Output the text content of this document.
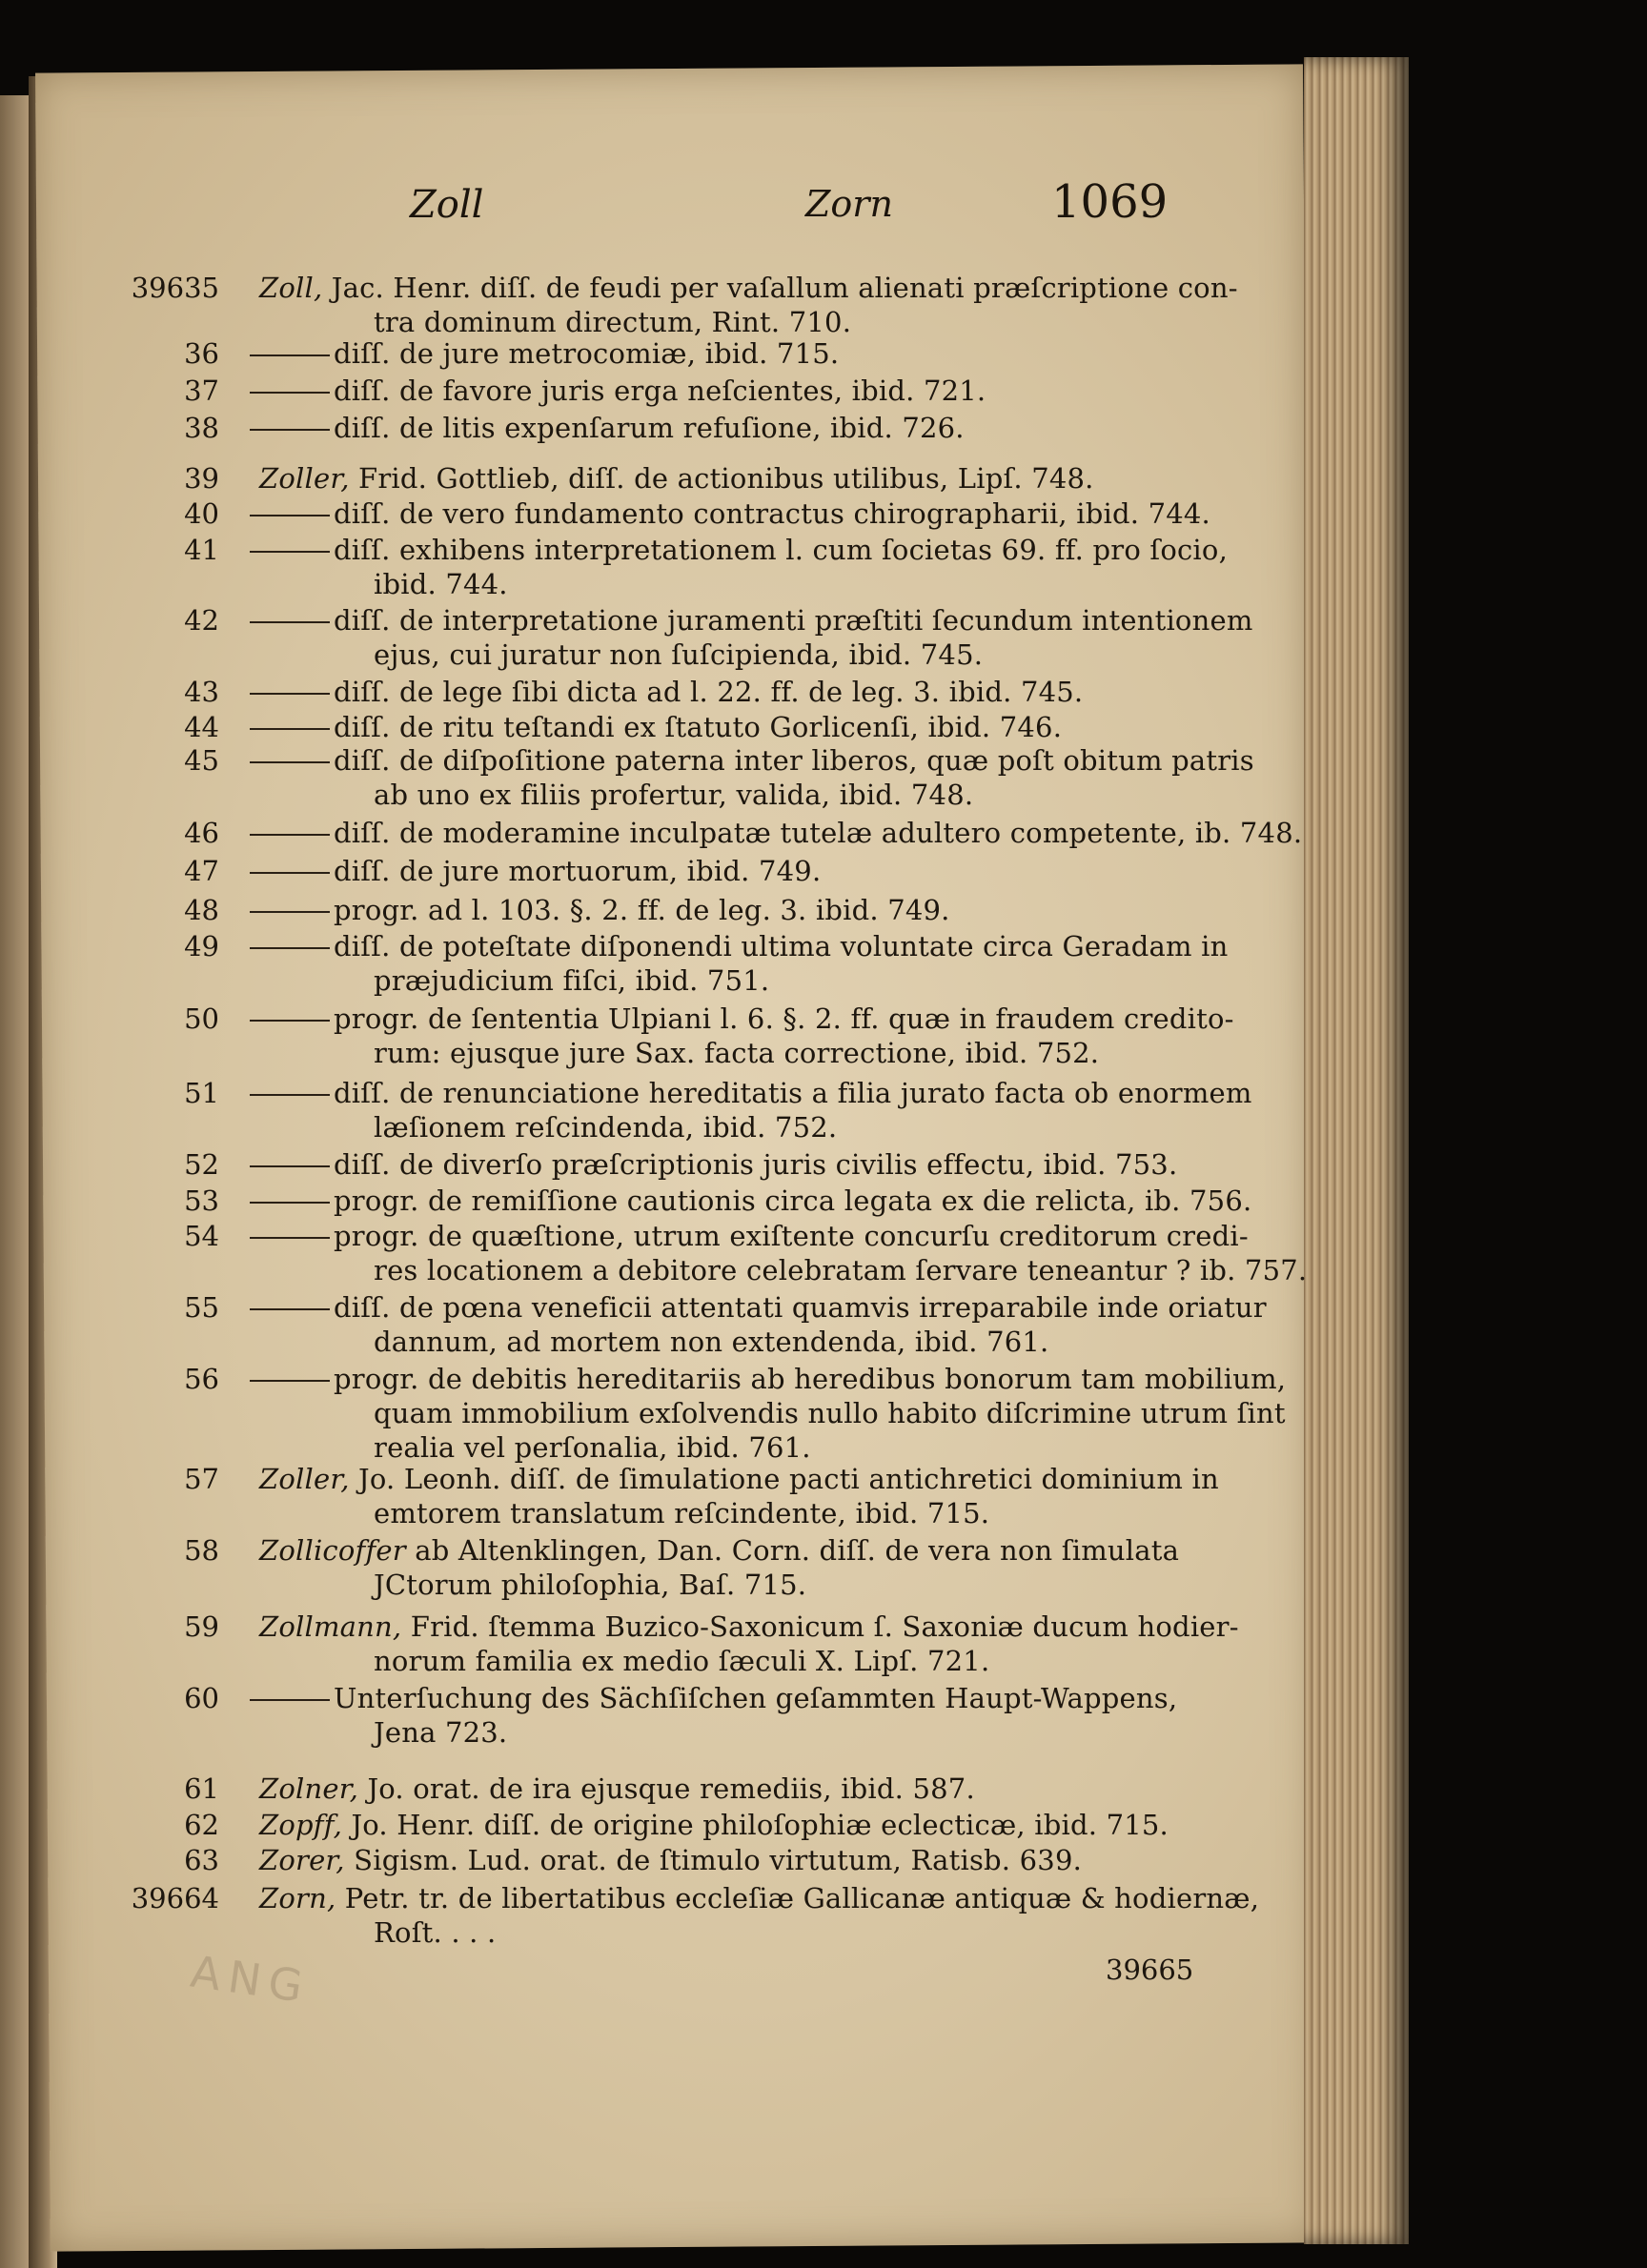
Zoll	Zorn	1069
39635 Zoll, Jac. Henr. diſſ. de feudi per vaſallum alienati præſcriptione con-
tra dominum directum, Rint. 710.
36	diſſ. de jure metrocomiæ, ibid. 715.
37	diſſ. de favore juris erga neſcientes, ibid. 721.
38	diſſ. de litis expenſarum refuſione, ibid. 726.
39 Zoller, Frid. Gottlieb, diſſ. de actionibus utilibus, Lipſ. 748.
40	diſſ. de vero fundamento contractus chirographarii, ibid. 744.
41	diſſ. exhibens interpretationem l. cum ſocietas 69. ff. pro ſocio,
ibid. 744.
42	diſſ. de interpretatione juramenti præſtiti ſecundum intentionem
ejus, cui juratur non ſuſcipienda, ibid. 745.
43	diſſ. de lege ſibi dicta ad l. 22. ff. de leg. 3. ibid. 745.
44	diſſ. de ritu teſtandi ex ſtatuto Gorlicenſi, ibid. 746.
45	diſſ. de diſpoſitione paterna inter liberos, quæ poſt obitum patris
ab uno ex filiis profertur, valida, ibid. 748.
46	diſſ. de moderamine inculpatæ tutelæ adultero competente, ib. 748.
47	diſſ. de jure mortuorum, ibid. 749.
48	progr. ad l. 103. §. 2. ff. de leg. 3. ibid. 749.
49	diſſ. de poteſtate diſponendi ultima voluntate circa Geradam in
præjudicium fiſci, ibid. 751.
50	progr. de ſententia Ulpiani l. 6. §. 2. ff. quæ in fraudem credito-
rum: ejusque jure Sax. facta correctione, ibid. 752.
51	diſſ. de renunciatione hereditatis a filia jurato facta ob enormem
læſionem reſcindenda, ibid. 752.
52	diſſ. de diverſo præſcriptionis juris civilis effectu, ibid. 753.
53	progr. de remiſſione cautionis circa legata ex die relicta, ib. 756.
54	progr. de quæſtione, utrum exiſtente concurſu creditorum credi-
res locationem a debitore celebratam ſervare teneantur ? ib. 757.
55	diſſ. de pœna veneficii attentati quamvis irreparabile inde oriatur
dannum, ad mortem non extendenda, ibid. 761.
56	progr. de debitis hereditariis ab heredibus bonorum tam mobilium,
quam immobilium exſolvendis nullo habito diſcrimine utrum ſint
realia vel perſonalia, ibid. 761.
57 Zoller, Jo. Leonh. diſſ. de ſimulatione pacti antichretici dominium in
emtorem translatum reſcindente, ibid. 715.
58 Zollicoffer ab Altenklingen, Dan. Corn. diſſ. de vera non ſimulata
JCtorum philoſophia, Baſ. 715.
59 Zollmann, Frid. ſtemma Buzico-Saxonicum ſ. Saxoniæ ducum hodier-
norum familia ex medio ſæculi X. Lipſ. 721.
60	Unterſuchung des Sächſiſchen geſammten Haupt-Wappens,
Jena 723.
61 Zolner, Jo. orat. de ira ejusque remediis, ibid. 587.
62 Zopff, Jo. Henr. diſſ. de origine philoſophiæ eclecticæ, ibid. 715.
63 Zorer, Sigism. Lud. orat. de ſtimulo virtutum, Ratisb. 639.
39664 Zorn, Petr. tr. de libertatibus eccleſiæ Gallicanæ antiquæ & hodiernæ,
Roſt. . . .
ANG	39665
